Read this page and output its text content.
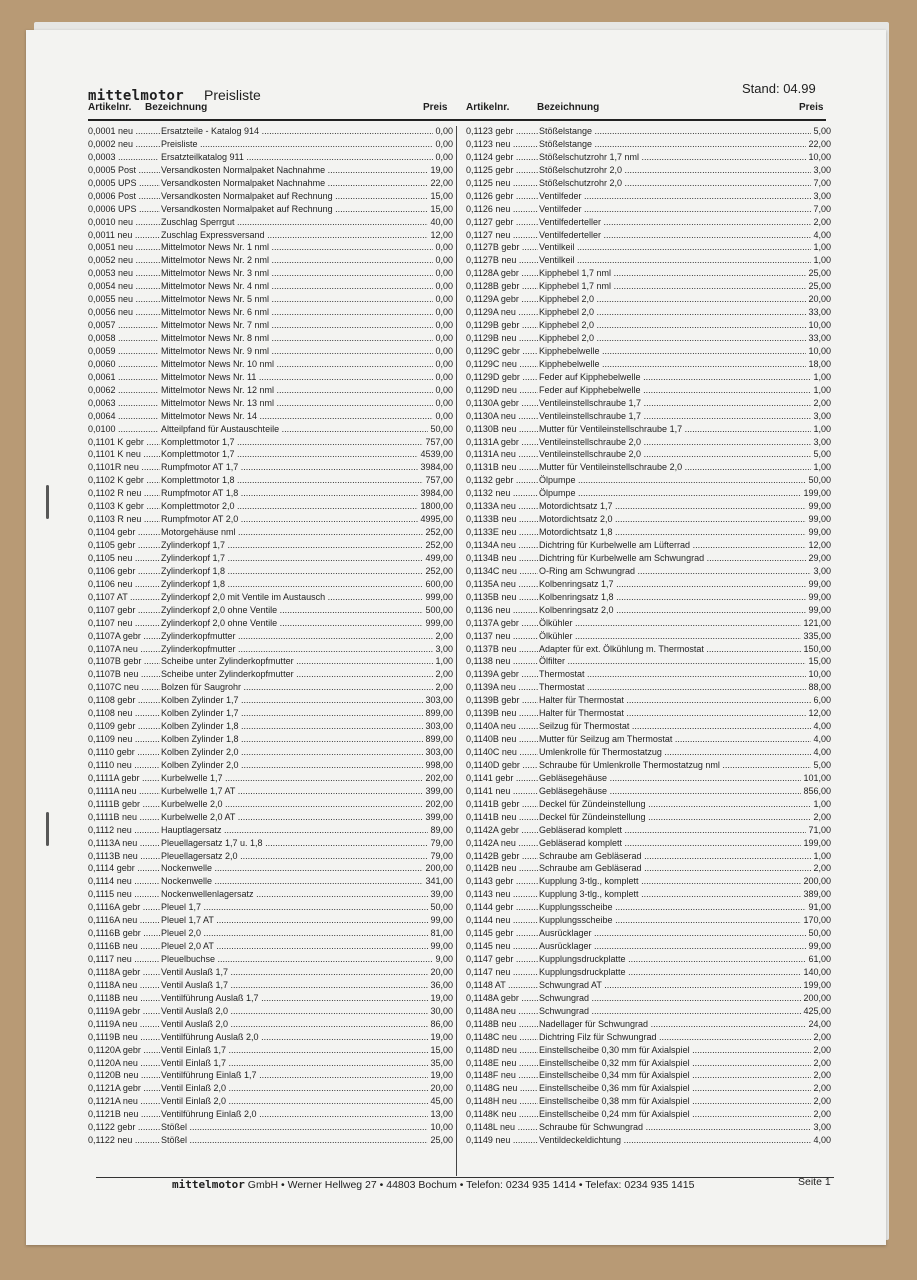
mittelmotor Preisliste	Stand: 04.99
Artikelnr. Bezeichnung	Preis Artikelnr.	Bezeichnung	Preis
0,0001 neu .....	Ersatzteile - Katalog 914 .....	0,00
0,0002 neu .....	Preisliste .....	0,00
0,0003 .....	Ersatzteilkatalog 911 .....	0,00
0,0005 Post .....	Versandkosten Normalpaket Nachnahme .....	19,00
0,0005 UPS .....	Versandkosten Normalpaket Nachnahme .....	22,00
0,0006 Post .....	Versandkosten Normalpaket auf Rechnung .....	15,00
0,0006 UPS .....	Versandkosten Normalpaket auf Rechnung .....	15,00
0,0010 neu .....	Zuschlag Sperrgut .....	40,00
0,0011 neu .....	Zuschlag Expressversand .....	12,00
0,0051 neu .....	Mittelmotor News Nr. 1 nml .....	0,00
0,0052 neu .....	Mittelmotor News Nr. 2 nml .....	0,00
0,0053 neu .....	Mittelmotor News Nr. 3 nml .....	0,00
0,0054 neu .....	Mittelmotor News Nr. 4 nml .....	0,00
0,0055 neu .....	Mittelmotor News Nr. 5 nml .....	0,00
0,0056 neu .....	Mittelmotor News Nr. 6 nml .....	0,00
0,0057 .....	Mittelmotor News Nr. 7 nml .....	0,00
0,0058 .....	Mittelmotor News Nr. 8 nml .....	0,00
0,0059 .....	Mittelmotor News Nr. 9 nml .....	0,00
0,0060 .....	Mittelmotor News Nr. 10 nml .....	0,00
0,0061 .....	Mittelmotor News Nr. 11 .....	0,00
0,0062 .....	Mittelmotor News Nr. 12 nml .....	0,00
0,0063 .....	Mittelmotor News Nr. 13 nml .....	0,00
0,0064 .....	Mittelmotor News Nr. 14 .....	0,00
0,0100 .....	Altteilpfand für Austauschteile .....	50,00
0,1101 K gebr .....	Komplettmotor 1,7 .....	757,00
0,1101 K neu .....	Komplettmotor 1,7 .....	4539,00
0,1101R neu .....	Rumpfmotor AT 1,7 .....	3984,00
0,1102 K gebr .....	Komplettmotor 1,8 .....	757,00
0,1102 R neu .....	Rumpfmotor AT 1,8 .....	3984,00
0,1103 K gebr .....	Komplettmotor 2,0 .....	1800,00
0,1103 R neu .....	Rumpfmotor AT 2,0 .....	4995,00
0,1104 gebr .....	Motorgehäuse nml .....	252,00
0,1105 gebr .....	Zylinderkopf 1,7 .....	252,00
0,1105 neu .....	Zylinderkopf 1,7 .....	499,00
0,1106 gebr .....	Zylinderkopf 1,8 .....	252,00
0,1106 neu .....	Zylinderkopf 1,8 .....	600,00
0,1107 AT .....	Zylinderkopf 2,0 mit Ventile im Austausch .....	999,00
0,1107 gebr .....	Zylinderkopf 2,0 ohne Ventile .....	500,00
0,1107 neu .....	Zylinderkopf 2,0 ohne Ventile .....	999,00
0,1107A gebr .....	Zylinderkopfmutter .....	2,00
0,1107A neu .....	Zylinderkopfmutter .....	3,00
0,1107B gebr .....	Scheibe unter Zylinderkopfmutter .....	1,00
0,1107B neu .....	Scheibe unter Zylinderkopfmutter .....	2,00
0,1107C neu .....	Bolzen für Saugrohr .....	2,00
0,1108 gebr .....	Kolben Zylinder 1,7 .....	303,00
0,1108 neu .....	Kolben Zylinder 1,7 .....	899,00
0,1109 gebr .....	Kolben Zylinder 1,8 .....	303,00
0,1109 neu .....	Kolben Zylinder 1,8 .....	899,00
0,1110 gebr .....	Kolben Zylinder 2,0 .....	303,00
0,1110 neu .....	Kolben Zylinder 2,0 .....	998,00
0,1111A gebr .....	Kurbelwelle 1,7 .....	202,00
0,1111A neu .....	Kurbelwelle 1,7 AT .....	399,00
0,1111B gebr .....	Kurbelwelle 2,0 .....	202,00
0,1111B neu .....	Kurbelwelle 2,0 AT .....	399,00
0,1112 neu .....	Hauptlagersatz .....	89,00
0,1113A neu .....	Pleuellagersatz 1,7 u. 1,8 .....	79,00
0,1113B neu .....	Pleuellagersatz 2,0 .....	79,00
0,1114 gebr .....	Nockenwelle .....	200,00
0,1114 neu .....	Nockenwelle .....	341,00
0,1115 neu .....	Nockenwellenlagersatz .....	39,00
0,1116A gebr .....	Pleuel 1,7 .....	50,00
0,1116A neu .....	Pleuel 1,7 AT .....	99,00
0,1116B gebr .....	Pleuel 2,0 .....	81,00
0,1116B neu .....	Pleuel 2,0 AT .....	99,00
0,1117 neu .....	Pleuelbuchse .....	9,00
0,1118A gebr .....	Ventil Auslaß 1,7 .....	20,00
0,1118A neu .....	Ventil Auslaß 1,7 .....	36,00
0,1118B neu .....	Ventilführung Auslaß 1,7 .....	19,00
0,1119A gebr .....	Ventil Auslaß 2,0 .....	30,00
0,1119A neu .....	Ventil Auslaß 2,0 .....	86,00
0,1119B neu .....	Ventilführung Auslaß 2,0 .....	19,00
0,1120A gebr .....	Ventil Einlaß 1,7 .....	15,00
0,1120A neu .....	Ventil Einlaß 1,7 .....	35,00
0,1120B neu .....	Ventilführung Einlaß 1,7 .....	19,00
0,1121A gebr .....	Ventil Einlaß 2,0 .....	20,00
0,1121A neu .....	Ventil Einlaß 2,0 .....	45,00
0,1121B neu .....	Ventilführung Einlaß 2,0 .....	13,00
0,1122 gebr .....	Stößel .....	10,00
0,1122 neu .....	Stößel .....	25,00
0,1123 gebr .....	Stößelstange .....	5,00
0,1123 neu .....	Stößelstange .....	22,00
0,1124 gebr .....	Stößelschutzrohr 1,7 nml .....	10,00
0,1125 gebr .....	Stößelschutzrohr 2,0 .....	3,00
0,1125 neu .....	Stößelschutzrohr 2,0 .....	7,00
0,1126 gebr .....	Ventilfeder .....	3,00
0,1126 neu .....	Ventilfeder .....	7,00
0,1127 gebr .....	Ventilfederteller .....	2,00
0,1127 neu .....	Ventilfederteller .....	4,00
0,1127B gebr .....	Ventilkeil .....	1,00
0,1127B neu .....	Ventilkeil .....	1,00
0,1128A gebr .....	Kipphebel 1,7 nml .....	25,00
0,1128B gebr .....	Kipphebel 1,7 nml .....	25,00
0,1129A gebr .....	Kipphebel 2,0 .....	20,00
0,1129A neu .....	Kipphebel 2,0 .....	33,00
0,1129B gebr .....	Kipphebel 2,0 .....	10,00
0,1129B neu .....	Kipphebel 2,0 .....	33,00
0,1129C gebr .....	Kipphebelwelle .....	10,00
0,1129C neu .....	Kipphebelwelle .....	18,00
0,1129D gebr .....	Feder auf Kipphebelwelle .....	1,00
0,1129D neu .....	Feder auf Kipphebelwelle .....	1,00
0,1130A gebr .....	Ventileinstellschraube 1,7 .....	2,00
0,1130A neu .....	Ventileinstellschraube 1,7 .....	3,00
0,1130B neu .....	Mutter für Ventileinstellschraube 1,7 .....	1,00
0,1131A gebr .....	Ventileinstellschraube 2,0 .....	3,00
0,1131A neu .....	Ventileinstellschraube 2,0 .....	5,00
0,1131B neu .....	Mutter für Ventileinstellschraube 2,0 .....	1,00
0,1132 gebr .....	Ölpumpe .....	50,00
0,1132 neu .....	Ölpumpe .....	199,00
0,1133A neu .....	Motordichtsatz 1,7 .....	99,00
0,1133B neu .....	Motordichtsatz 2,0 .....	99,00
0,1133E neu .....	Motordichtsatz 1,8 .....	99,00
0,1134A neu .....	Dichtring für Kurbelwelle am Lüfterrad .....	12,00
0,1134B neu .....	Dichtring für Kurbelwelle am Schwungrad .....	29,00
0,1134C neu .....	O-Ring am Schwungrad .....	3,00
0,1135A neu .....	Kolbenringsatz 1,7 .....	99,00
0,1135B neu .....	Kolbenringsatz 1,8 .....	99,00
0,1136 neu .....	Kolbenringsatz 2,0 .....	99,00
0,1137A gebr .....	Ölkühler .....	121,00
0,1137 neu .....	Ölkühler .....	335,00
0,1137B neu .....	Adapter für ext. Ölkühlung m. Thermostat .....	150,00
0,1138 neu .....	Ölfilter .....	15,00
0,1139A gebr .....	Thermostat .....	10,00
0,1139A neu .....	Thermostat .....	88,00
0,1139B gebr .....	Halter für Thermostat .....	6,00
0,1139B neu .....	Halter für Thermostat .....	12,00
0,1140A neu .....	Seilzug für Thermostat .....	4,00
0,1140B neu .....	Mutter für Seilzug am Thermostat .....	4,00
0,1140C neu .....	Umlenkrolle für Thermostatzug .....	4,00
0,1140D gebr .....	Schraube für Umlenkrolle Thermostatzug nml .....	5,00
0,1141 gebr .....	Gebläsegehäuse .....	101,00
0,1141 neu .....	Gebläsegehäuse .....	856,00
0,1141B gebr .....	Deckel für Zündeinstellung .....	1,00
0,1141B neu .....	Deckel für Zündeinstellung .....	2,00
0,1142A gebr .....	Gebläserad komplett .....	71,00
0,1142A neu .....	Gebläserad komplett .....	199,00
0,1142B gebr .....	Schraube am Gebläserad .....	1,00
0,1142B neu .....	Schraube am Gebläserad .....	2,00
0,1143 gebr .....	Kupplung 3-tlg., komplett .....	200,00
0,1143 neu .....	Kupplung 3-tlg., komplett .....	389,00
0,1144 gebr .....	Kupplungsscheibe .....	91,00
0,1144 neu .....	Kupplungsscheibe .....	170,00
0,1145 gebr .....	Ausrücklager .....	50,00
0,1145 neu .....	Ausrücklager .....	99,00
0,1147 gebr .....	Kupplungsdruckplatte .....	61,00
0,1147 neu .....	Kupplungsdruckplatte .....	140,00
0,1148 AT .....	Schwungrad AT .....	199,00
0,1148A gebr .....	Schwungrad .....	200,00
0,1148A neu .....	Schwungrad .....	425,00
0,1148B neu .....	Nadellager für Schwungrad .....	24,00
0,1148C neu .....	Dichtring Filz für Schwungrad .....	2,00
0,1148D neu .....	Einstellscheibe 0,30 mm für Axialspiel .....	2,00
0,1148E neu .....	Einstellscheibe 0,32 mm für Axialspiel .....	2,00
0,1148F neu .....	Einstellscheibe 0,34 mm für Axialspiel .....	2,00
0,1148G neu .....	Einstellscheibe 0,36 mm für Axialspiel .....	2,00
0,1148H neu .....	Einstellscheibe 0,38 mm für Axialspiel .....	2,00
0,1148K neu .....	Einstellscheibe 0,24 mm für Axialspiel .....	2,00
0,1148L neu .....	Schraube für Schwungrad .....	3,00
0,1149 neu .....	Ventildeckeldichtung .....	4,00
mittelmotor GmbH • Werner Hellweg 27 • 44803 Bochum • Telefon: 0234 935 1414 • Telefax: 0234 935 1415	Seite 1
